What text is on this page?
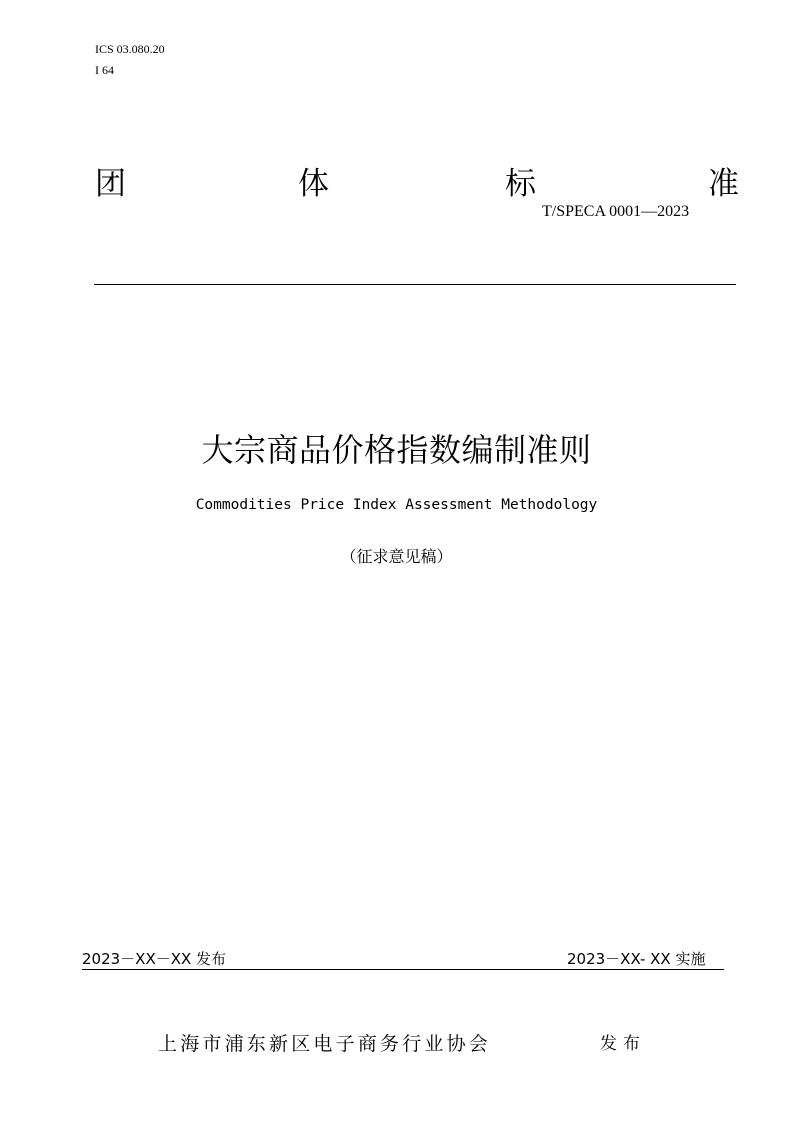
ICS 03.080.20
I 64
团	体	标	准
T/SPECA 0001—2023
大宗商品价格指数编制准则
Commodities Price Index Assessment Methodology
（征求意见稿）
2023－XX－XX 发布	2023－XX- XX 实施
上海市浦东新区电子商务行业协会	发布
